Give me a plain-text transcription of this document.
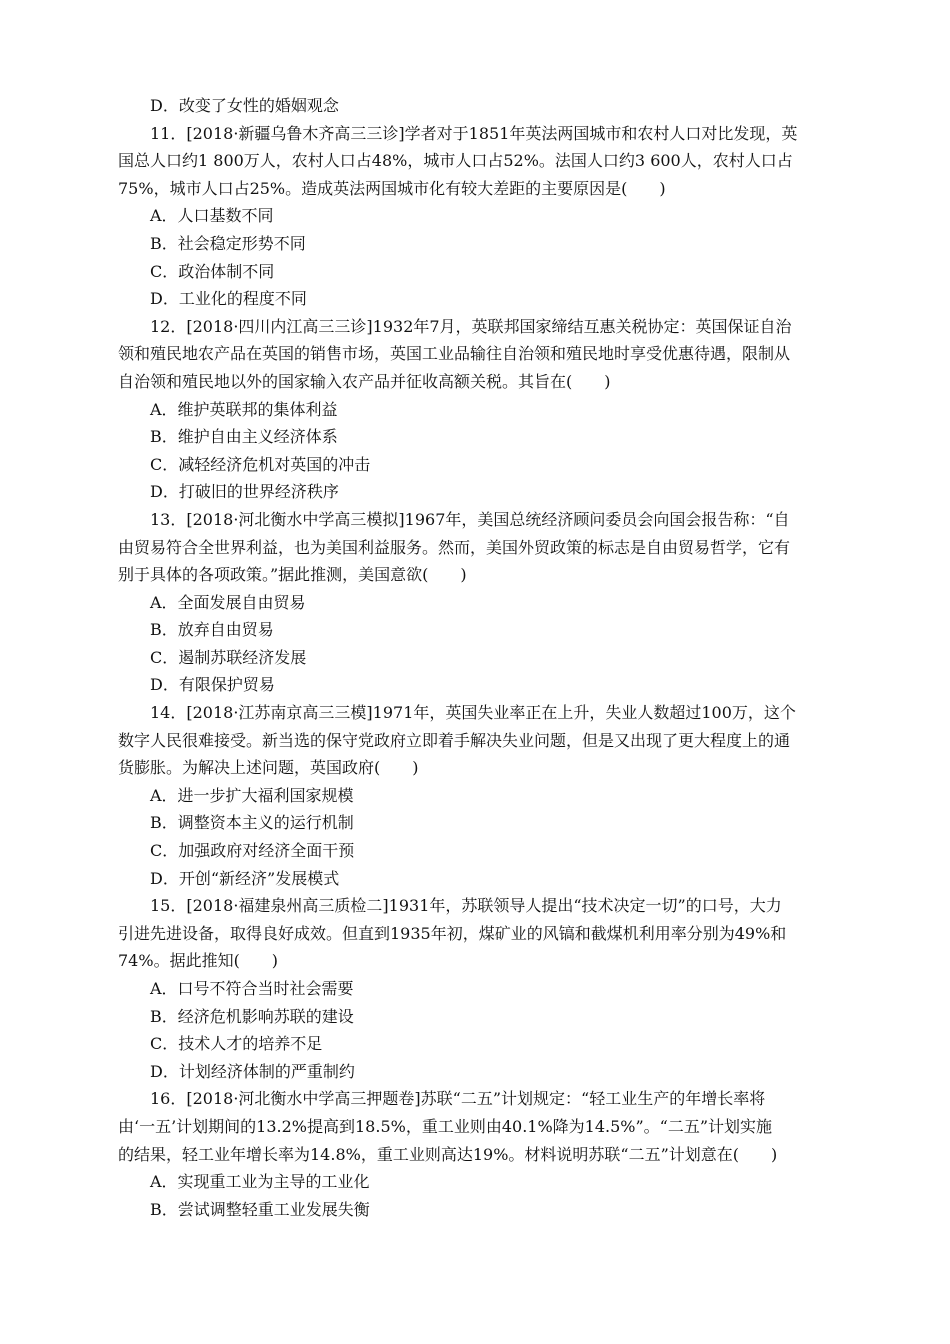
D．改变了女性的婚姻观念
11．[2018·新疆乌鲁木齐高三三诊]学者对于1851年英法两国城市和农村人口对比发现，英
国总人口约1 800万人，农村人口占48%，城市人口占52%。法国人口约3 600人，农村人口占
75%，城市人口占25%。造成英法两国城市化有较大差距的主要原因是(　　)
A．人口基数不同
B．社会稳定形势不同
C．政治体制不同
D．工业化的程度不同
12．[2018·四川内江高三三诊]1932年7月，英联邦国家缔结互惠关税协定：英国保证自治
领和殖民地农产品在英国的销售市场，英国工业品输往自治领和殖民地时享受优惠待遇，限制从
自治领和殖民地以外的国家输入农产品并征收高额关税。其旨在(　　)
A．维护英联邦的集体利益
B．维护自由主义经济体系
C．减轻经济危机对英国的冲击
D．打破旧的世界经济秩序
13．[2018·河北衡水中学高三模拟]1967年，美国总统经济顾问委员会向国会报告称：“自
由贸易符合全世界利益，也为美国利益服务。然而，美国外贸政策的标志是自由贸易哲学，它有
别于具体的各项政策。”据此推测，美国意欲(　　)
A．全面发展自由贸易
B．放弃自由贸易
C．遏制苏联经济发展
D．有限保护贸易
14．[2018·江苏南京高三三模]1971年，英国失业率正在上升，失业人数超过100万，这个
数字人民很难接受。新当选的保守党政府立即着手解决失业问题，但是又出现了更大程度上的通
货膨胀。为解决上述问题，英国政府(　　)
A．进一步扩大福利国家规模
B．调整资本主义的运行机制
C．加强政府对经济全面干预
D．开创“新经济”发展模式
15．[2018·福建泉州高三质检二]1931年，苏联领导人提出“技术决定一切”的口号，大力
引进先进设备，取得良好成效。但直到1935年初，煤矿业的风镐和截煤机利用率分别为49%和
74%。据此推知(　　)
A．口号不符合当时社会需要
B．经济危机影响苏联的建设
C．技术人才的培养不足
D．计划经济体制的严重制约
16．[2018·河北衡水中学高三押题卷]苏联“二五”计划规定：“轻工业生产的年增长率将
由‘一五’计划期间的13.2%提高到18.5%，重工业则由40.1%降为14.5%”。“二五”计划实施
的结果，轻工业年增长率为14.8%，重工业则高达19%。材料说明苏联“二五”计划意在(　　)
A．实现重工业为主导的工业化
B．尝试调整轻重工业发展失衡
